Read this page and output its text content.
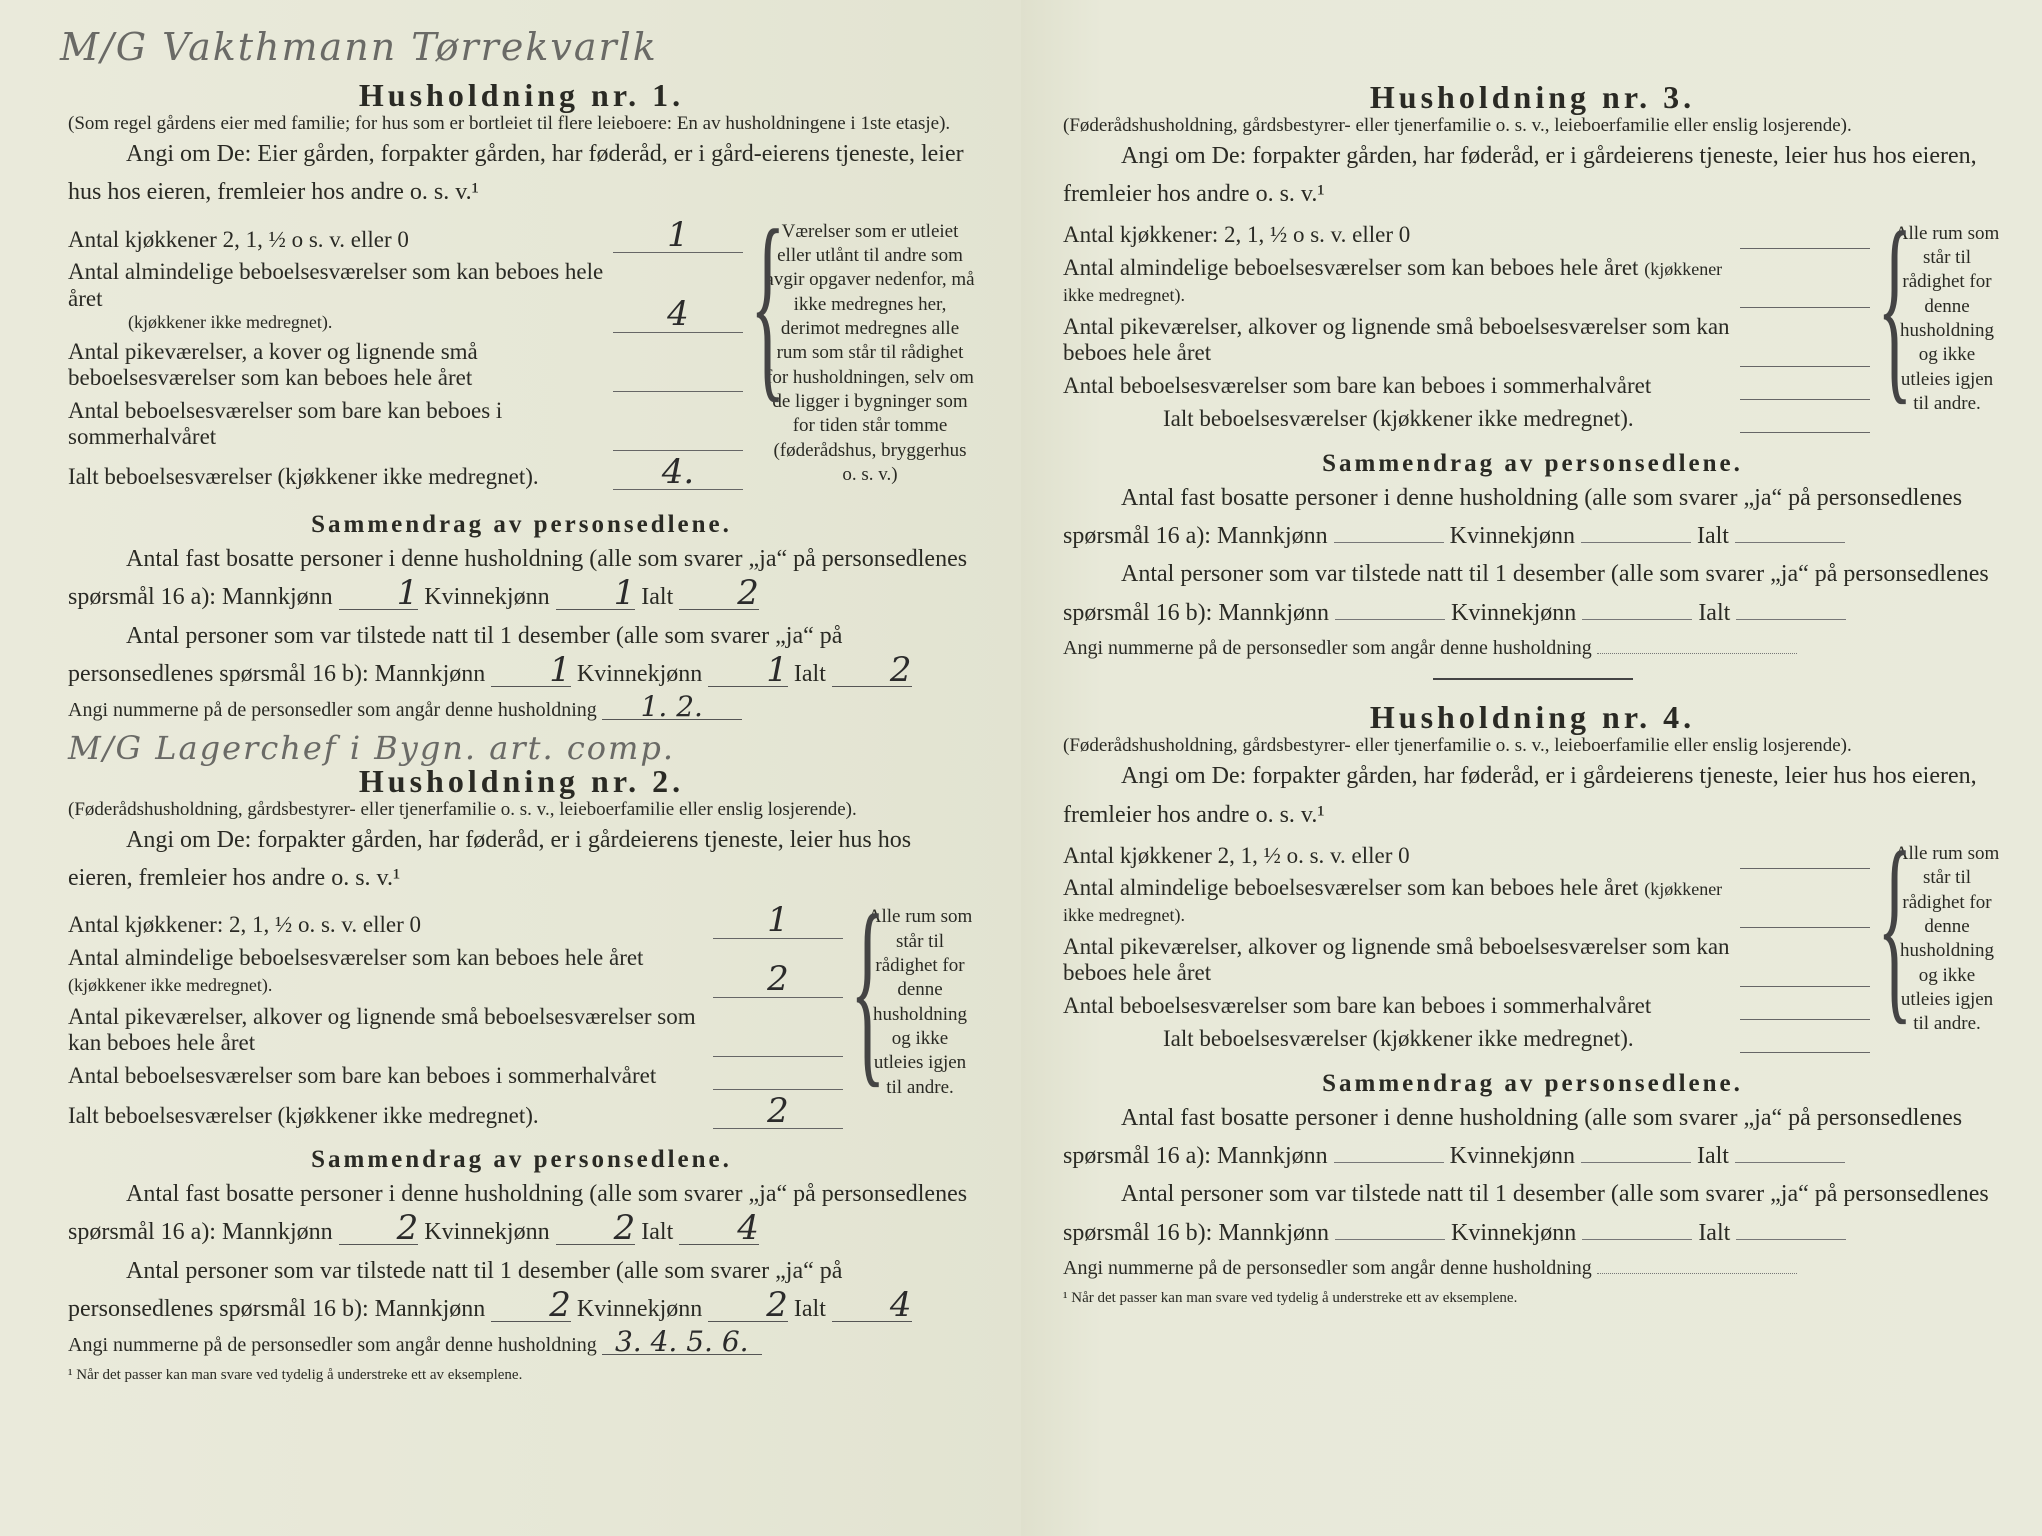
M/G Vakthmann Tørrekvarlk
Husholdning nr. 1.
(Som regel gårdens eier med familie; for hus som er bortleiet til flere leieboere: En av husholdningene i 1ste etasje).
Angi om De: Eier gården, forpakter gården, har føderåd, er i gård-eierens tjeneste, leier hus hos eieren, fremleier hos andre o. s. v.¹
Antal kjøkkener 2, 1, ½ o s. v. eller 0	1
Antal almindelige beboelsesværelser som kan beboes hele året
(kjøkkener ikke medregnet).	4
Antal pikeværelser, a kover og lignende små beboelsesværelser som kan beboes hele året
Antal beboelsesværelser som bare kan beboes i sommerhalvåret
Ialt beboelsesværelser (kjøkkener ikke medregnet).	4.
{
Værelser som er utleiet eller utlånt til andre som avgir opgaver nedenfor, må ikke medregnes her, derimot medregnes alle rum som står til rådighet for husholdningen, selv om de ligger i bygninger som for tiden står tomme (føderådshus, bryggerhus o. s. v.)
Sammendrag av personsedlene.
Antal fast bosatte personer i denne husholdning (alle som svarer „ja“ på personsedlenes spørsmål 16 a): Mannkjønn 1 Kvinnekjønn 1 Ialt 2
Antal personer som var tilstede natt til 1 desember (alle som svarer „ja“ på personsedlenes spørsmål 16 b): Mannkjønn 1 Kvinnekjønn 1 Ialt 2
Angi nummerne på de personsedler som angår denne husholdning 1. 2.
M/G Lagerchef i Bygn. art. comp.
Husholdning nr. 2.
(Føderådshusholdning, gårdsbestyrer- eller tjenerfamilie o. s. v., leieboerfamilie eller enslig losjerende).
Angi om De: forpakter gården, har føderåd, er i gårdeierens tjeneste, leier hus hos eieren, fremleier hos andre o. s. v.¹
Antal kjøkkener: 2, 1, ½ o. s. v. eller 0	1
Antal almindelige beboelsesværelser som kan beboes hele året (kjøkkener ikke medregnet).	2
Antal pikeværelser, alkover og lignende små beboelsesværelser som kan beboes hele året
Antal beboelsesværelser som bare kan beboes i sommerhalvåret
Ialt beboelsesværelser (kjøkkener ikke medregnet).	2
{
Alle rum som står til rådighet for denne husholdning og ikke utleies igjen til andre.
Sammendrag av personsedlene.
Antal fast bosatte personer i denne husholdning (alle som svarer „ja“ på personsedlenes spørsmål 16 a): Mannkjønn 2 Kvinnekjønn 2 Ialt 4
Antal personer som var tilstede natt til 1 desember (alle som svarer „ja“ på personsedlenes spørsmål 16 b): Mannkjønn 2 Kvinnekjønn 2 Ialt 4
Angi nummerne på de personsedler som angår denne husholdning 3. 4. 5. 6.
¹ Når det passer kan man svare ved tydelig å understreke ett av eksemplene.
Husholdning nr. 3.
(Føderådshusholdning, gårdsbestyrer- eller tjenerfamilie o. s. v., leieboerfamilie eller enslig losjerende).
Angi om De: forpakter gården, har føderåd, er i gårdeierens tjeneste, leier hus hos eieren, fremleier hos andre o. s. v.¹
Antal kjøkkener: 2, 1, ½ o s. v. eller 0
Antal almindelige beboelsesværelser som kan beboes hele året (kjøkkener ikke medregnet).
Antal pikeværelser, alkover og lignende små beboelsesværelser som kan beboes hele året
Antal beboelsesværelser som bare kan beboes i sommerhalvåret
Ialt beboelsesværelser (kjøkkener ikke medregnet).	{
Alle rum som står til rådighet for denne husholdning og ikke utleies igjen til andre.
Sammendrag av personsedlene.
Antal fast bosatte personer i denne husholdning (alle som svarer „ja“ på personsedlenes spørsmål 16 a): Mannkjønn	Kvinnekjønn	Ialt
Antal personer som var tilstede natt til 1 desember (alle som svarer „ja“ på personsedlenes spørsmål 16 b): Mannkjønn	Kvinnekjønn	Ialt
Angi nummerne på de personsedler som angår denne husholdning
Husholdning nr. 4.
(Føderådshusholdning, gårdsbestyrer- eller tjenerfamilie o. s. v., leieboerfamilie eller enslig losjerende).
Angi om De: forpakter gården, har føderåd, er i gårdeierens tjeneste, leier hus hos eieren, fremleier hos andre o. s. v.¹
Antal kjøkkener 2, 1, ½ o. s. v. eller 0
Antal almindelige beboelsesværelser som kan beboes hele året (kjøkkener ikke medregnet).
Antal pikeværelser, alkover og lignende små beboelsesværelser som kan beboes hele året
Antal beboelsesværelser som bare kan beboes i sommerhalvåret
Ialt beboelsesværelser (kjøkkener ikke medregnet).	{
Alle rum som står til rådighet for denne husholdning og ikke utleies igjen til andre.
Sammendrag av personsedlene.
Antal fast bosatte personer i denne husholdning (alle som svarer „ja“ på personsedlenes spørsmål 16 a): Mannkjønn	Kvinnekjønn	Ialt
Antal personer som var tilstede natt til 1 desember (alle som svarer „ja“ på personsedlenes spørsmål 16 b): Mannkjønn	Kvinnekjønn	Ialt
Angi nummerne på de personsedler som angår denne husholdning
¹ Når det passer kan man svare ved tydelig å understreke ett av eksemplene.
